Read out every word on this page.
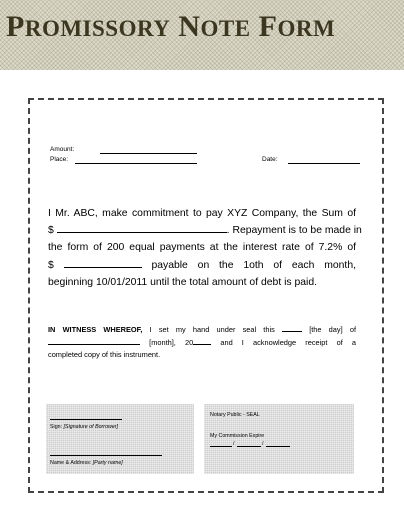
PROMISSORY NOTE FORM
Amount:
Place:	Date:
I Mr. ABC, make commitment to pay XYZ Company, the Sum of
$	. Repayment is to be made in
the form of 200 equal payments at the interest rate of 7.2% of
$	payable on the 1oth of each month,
beginning 10/01/2011 until the total amount of debt is paid.
IN WITNESS WHEREOF, I set my hand under seal this	[the day] of
[month], 20	and I acknowledge receipt of a
completed copy of this instrument.
Sign: [Signature of Borrower]
Name & Address: [Party name]
Notary Public - SEAL
My Commission Expire
/	/
